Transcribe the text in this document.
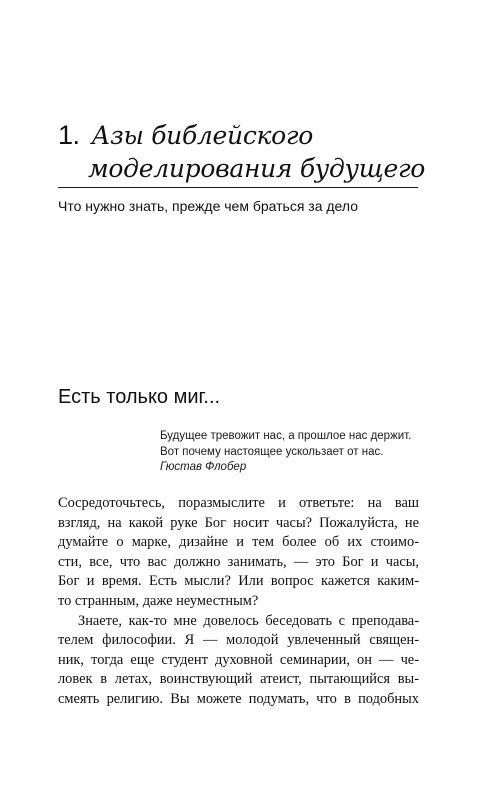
1. Азы библейского
моделирования будущего

Что нужно знать, прежде чем браться за дело

Есть только миг...

Будущее тревожит нас, а прошлое нас держит.

Вот почему настоящее ускользает от нас.

Гюстав Флобер

Сосредоточьтесь, поразмыслите и ответьте: на ваш
взгляд, на какой руке Бог носит часы? Пожалуйста, не
думайте о марке, дизайне и тем более об их стоимо-
сти, все, что вас должно занимать, — это Бог и часы,
Бог и время. Есть мысли? Или вопрос кажется каким-
то странным, даже неуместным?
Знаете, как-то мне довелось беседовать с преподава-
телем философии. Я — молодой увлеченный священ-
ник, тогда еще студент духовной семинарии, он — че-
ловек в летах, воинствующий атеист, пытающийся вы-
смеять религию. Вы можете подумать, что в подобных
